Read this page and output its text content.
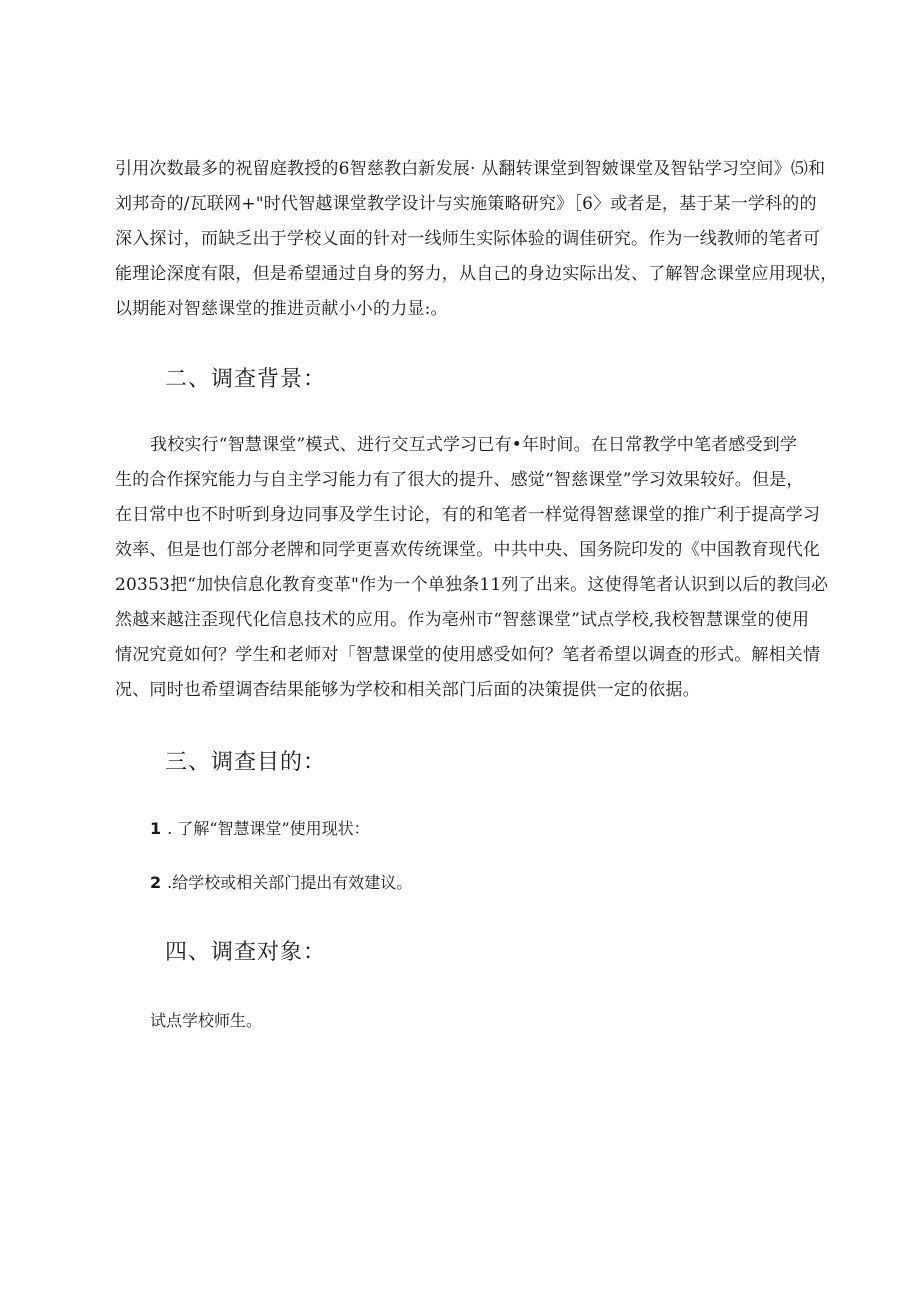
引用次数最多的祝留庭教授的6智慈教白新发展· 从翻转课堂到智皴课堂及智钻学习空间》⑸和
刘邦奇的/瓦联网+"时代智越课堂教学设计与实施策略研究》［6〉或者是，基于某一学科的的
深入探讨，而缺乏出于学校乂面的针对一线师生实际体验的调佳研究。作为一线教师的笔者可
能理论深度有限，但是希望通过自身的努力，从自己的身边实际出发、了解智念课堂应用现状，
以期能对智慈课堂的推进贡献小小的力显:。
二、调查背景：
我校实行“智慧课堂”模式、进行交互式学习已有•年时间。在日常教学中笔者感受到学
生的合作探究能力与自主学习能力有了很大的提升、感觉“智慈课堂”学习效果较好。但是，
在日常中也不时听到身边同事及学生讨论，有的和笔者一样觉得智慈课堂的推广利于提高学习
效率、但是也仃部分老牌和同学更喜欢传统课堂。中共中央、国务院印发的《中国教育现代化
20353把“加快信息化教育变革"作为一个单独条11列了出来。这使得笔者认识到以后的教闫必
然越来越注歪现代化信息技术的应用。作为亳州市“智慈课堂”试点学校,我校智慧课堂的使用
情况究竟如何？学生和老师对「智慧课堂的使用感受如何？笔者希望以调查的形式。解相关情
况、同时也希望调杳结果能够为学校和相关部门后面的决策提供一定的依据。
三、调查目的：
1 . 了解“智慧课堂”使用现状：
2 .给学校或相关部门提出有效建议。
四、调查对象：
试点学校师生。
